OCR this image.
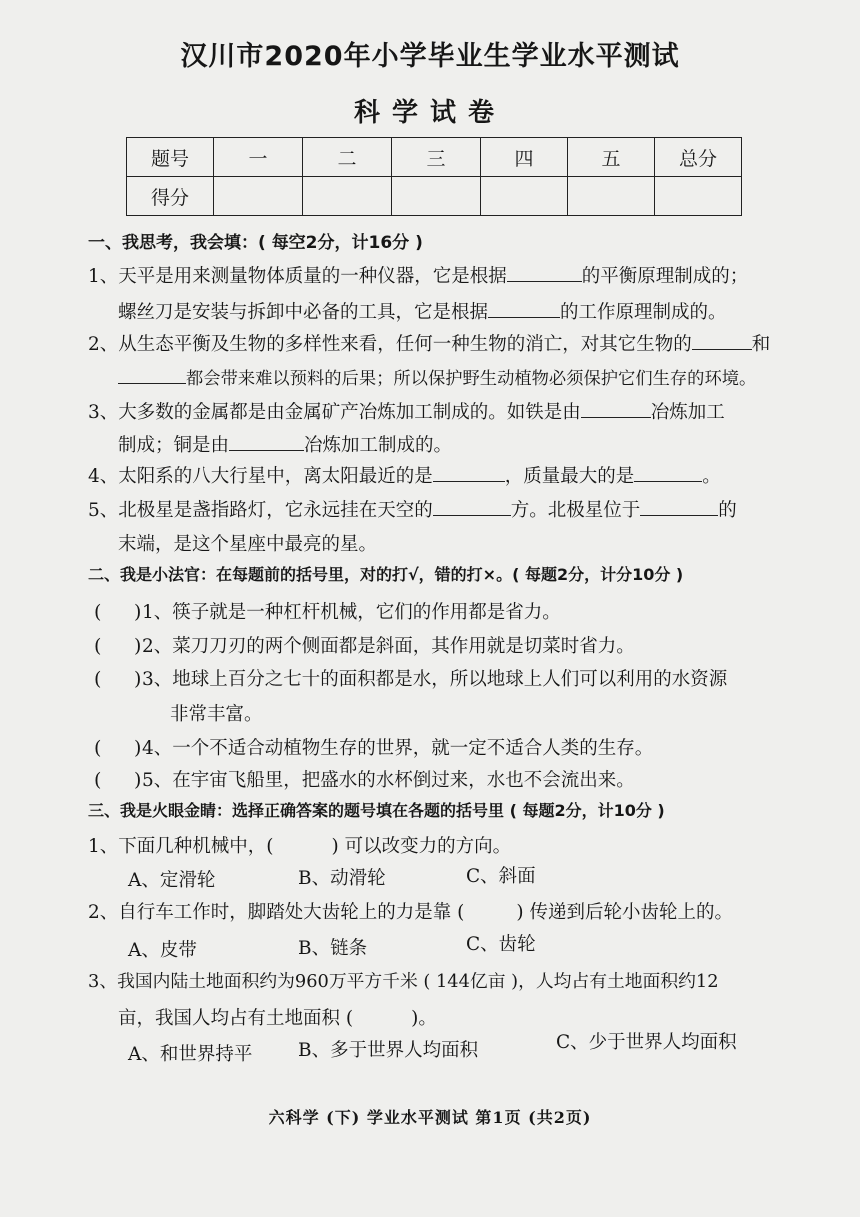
汉川市2020年小学毕业生学业水平测试
科学试卷
题号	一	二	三	四	五	总分
得分						
一、我思考，我会填：( 每空2分，计16分 )
1、天平是用来测量物体质量的一种仪器，它是根据	的平衡原理制成的；
螺丝刀是安装与拆卸中必备的工具，它是根据	的工作原理制成的。
2、从生态平衡及生物的多样性来看，任何一种生物的消亡，对其它生物的	和
都会带来难以预料的后果；所以保护野生动植物必须保护它们生存的环境。
3、大多数的金属都是由金属矿产冶炼加工制成的。如铁是由	冶炼加工
制成；铜是由	冶炼加工制成的。
4、太阳系的八大行星中，离太阳最近的是	，质量最大的是	。
5、北极星是盏指路灯，它永远挂在天空的	方。北极星位于	的
末端，是这个星座中最亮的星。
二、我是小法官：在每题前的括号里，对的打√，错的打×。( 每题2分，计分10分 )
( )1、筷子就是一种杠杆机械，它们的作用都是省力。
( )2、菜刀刀刃的两个侧面都是斜面，其作用就是切菜时省力。
( )3、地球上百分之七十的面积都是水，所以地球上人们可以利用的水资源
非常丰富。
( )4、一个不适合动植物生存的世界，就一定不适合人类的生存。
( )5、在宇宙飞船里，把盛水的水杯倒过来，水也不会流出来。
三、我是火眼金睛：选择正确答案的题号填在各题的括号里 ( 每题2分，计10分 )
1、下面几种机械中，(	) 可以改变力的方向。
A、定滑轮	B、动滑轮	C、斜面
2、自行车工作时，脚踏处大齿轮上的力是靠 (	) 传递到后轮小齿轮上的。
A、皮带	B、链条	C、齿轮
3、我国内陆土地面积约为960万平方千米 ( 144亿亩 )，人均占有土地面积约12
亩，我国人均占有土地面积 (	)。
A、和世界持平 B、多于世界人均面积	C、少于世界人均面积
六科学 (下) 学业水平测试 第1页 (共2页)
